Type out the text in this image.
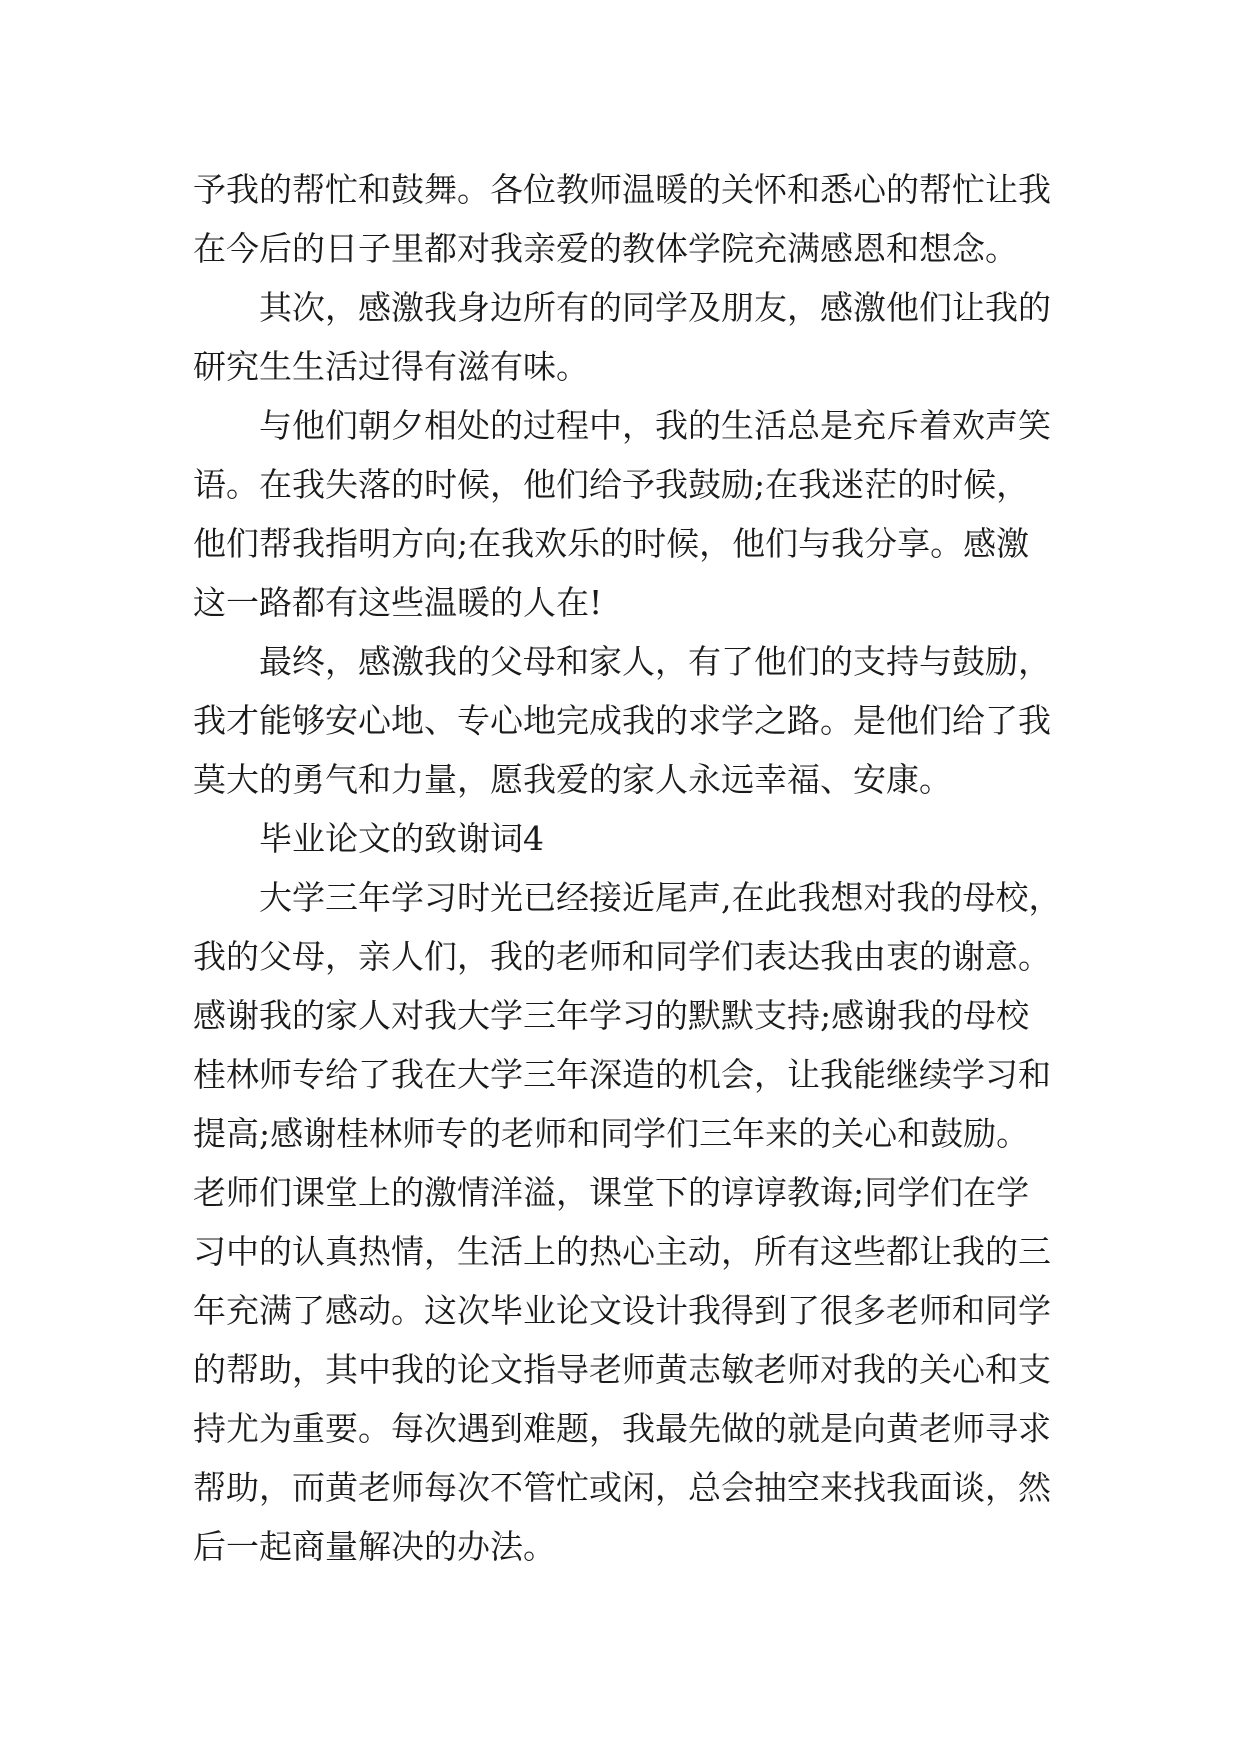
予我的帮忙和鼓舞。各位教师温暖的关怀和悉心的帮忙让我
在今后的日子里都对我亲爱的教体学院充满感恩和想念。
其次，感激我身边所有的同学及朋友，感激他们让我的
研究生生活过得有滋有味。
与他们朝夕相处的过程中，我的生活总是充斥着欢声笑
语。在我失落的时候，他们给予我鼓励;在我迷茫的时候，
他们帮我指明方向;在我欢乐的时候，他们与我分享。感激
这一路都有这些温暖的人在!
最终，感激我的父母和家人，有了他们的支持与鼓励，
我才能够安心地、专心地完成我的求学之路。是他们给了我
莫大的勇气和力量，愿我爱的家人永远幸福、安康。
毕业论文的致谢词4
大学三年学习时光已经接近尾声,在此我想对我的母校，
我的父母，亲人们，我的老师和同学们表达我由衷的谢意。
感谢我的家人对我大学三年学习的默默支持;感谢我的母校
桂林师专给了我在大学三年深造的机会，让我能继续学习和
提高;感谢桂林师专的老师和同学们三年来的关心和鼓励。
老师们课堂上的激情洋溢，课堂下的谆谆教诲;同学们在学
习中的认真热情，生活上的热心主动，所有这些都让我的三
年充满了感动。这次毕业论文设计我得到了很多老师和同学
的帮助，其中我的论文指导老师黄志敏老师对我的关心和支
持尤为重要。每次遇到难题，我最先做的就是向黄老师寻求
帮助，而黄老师每次不管忙或闲，总会抽空来找我面谈，然
后一起商量解决的办法。
